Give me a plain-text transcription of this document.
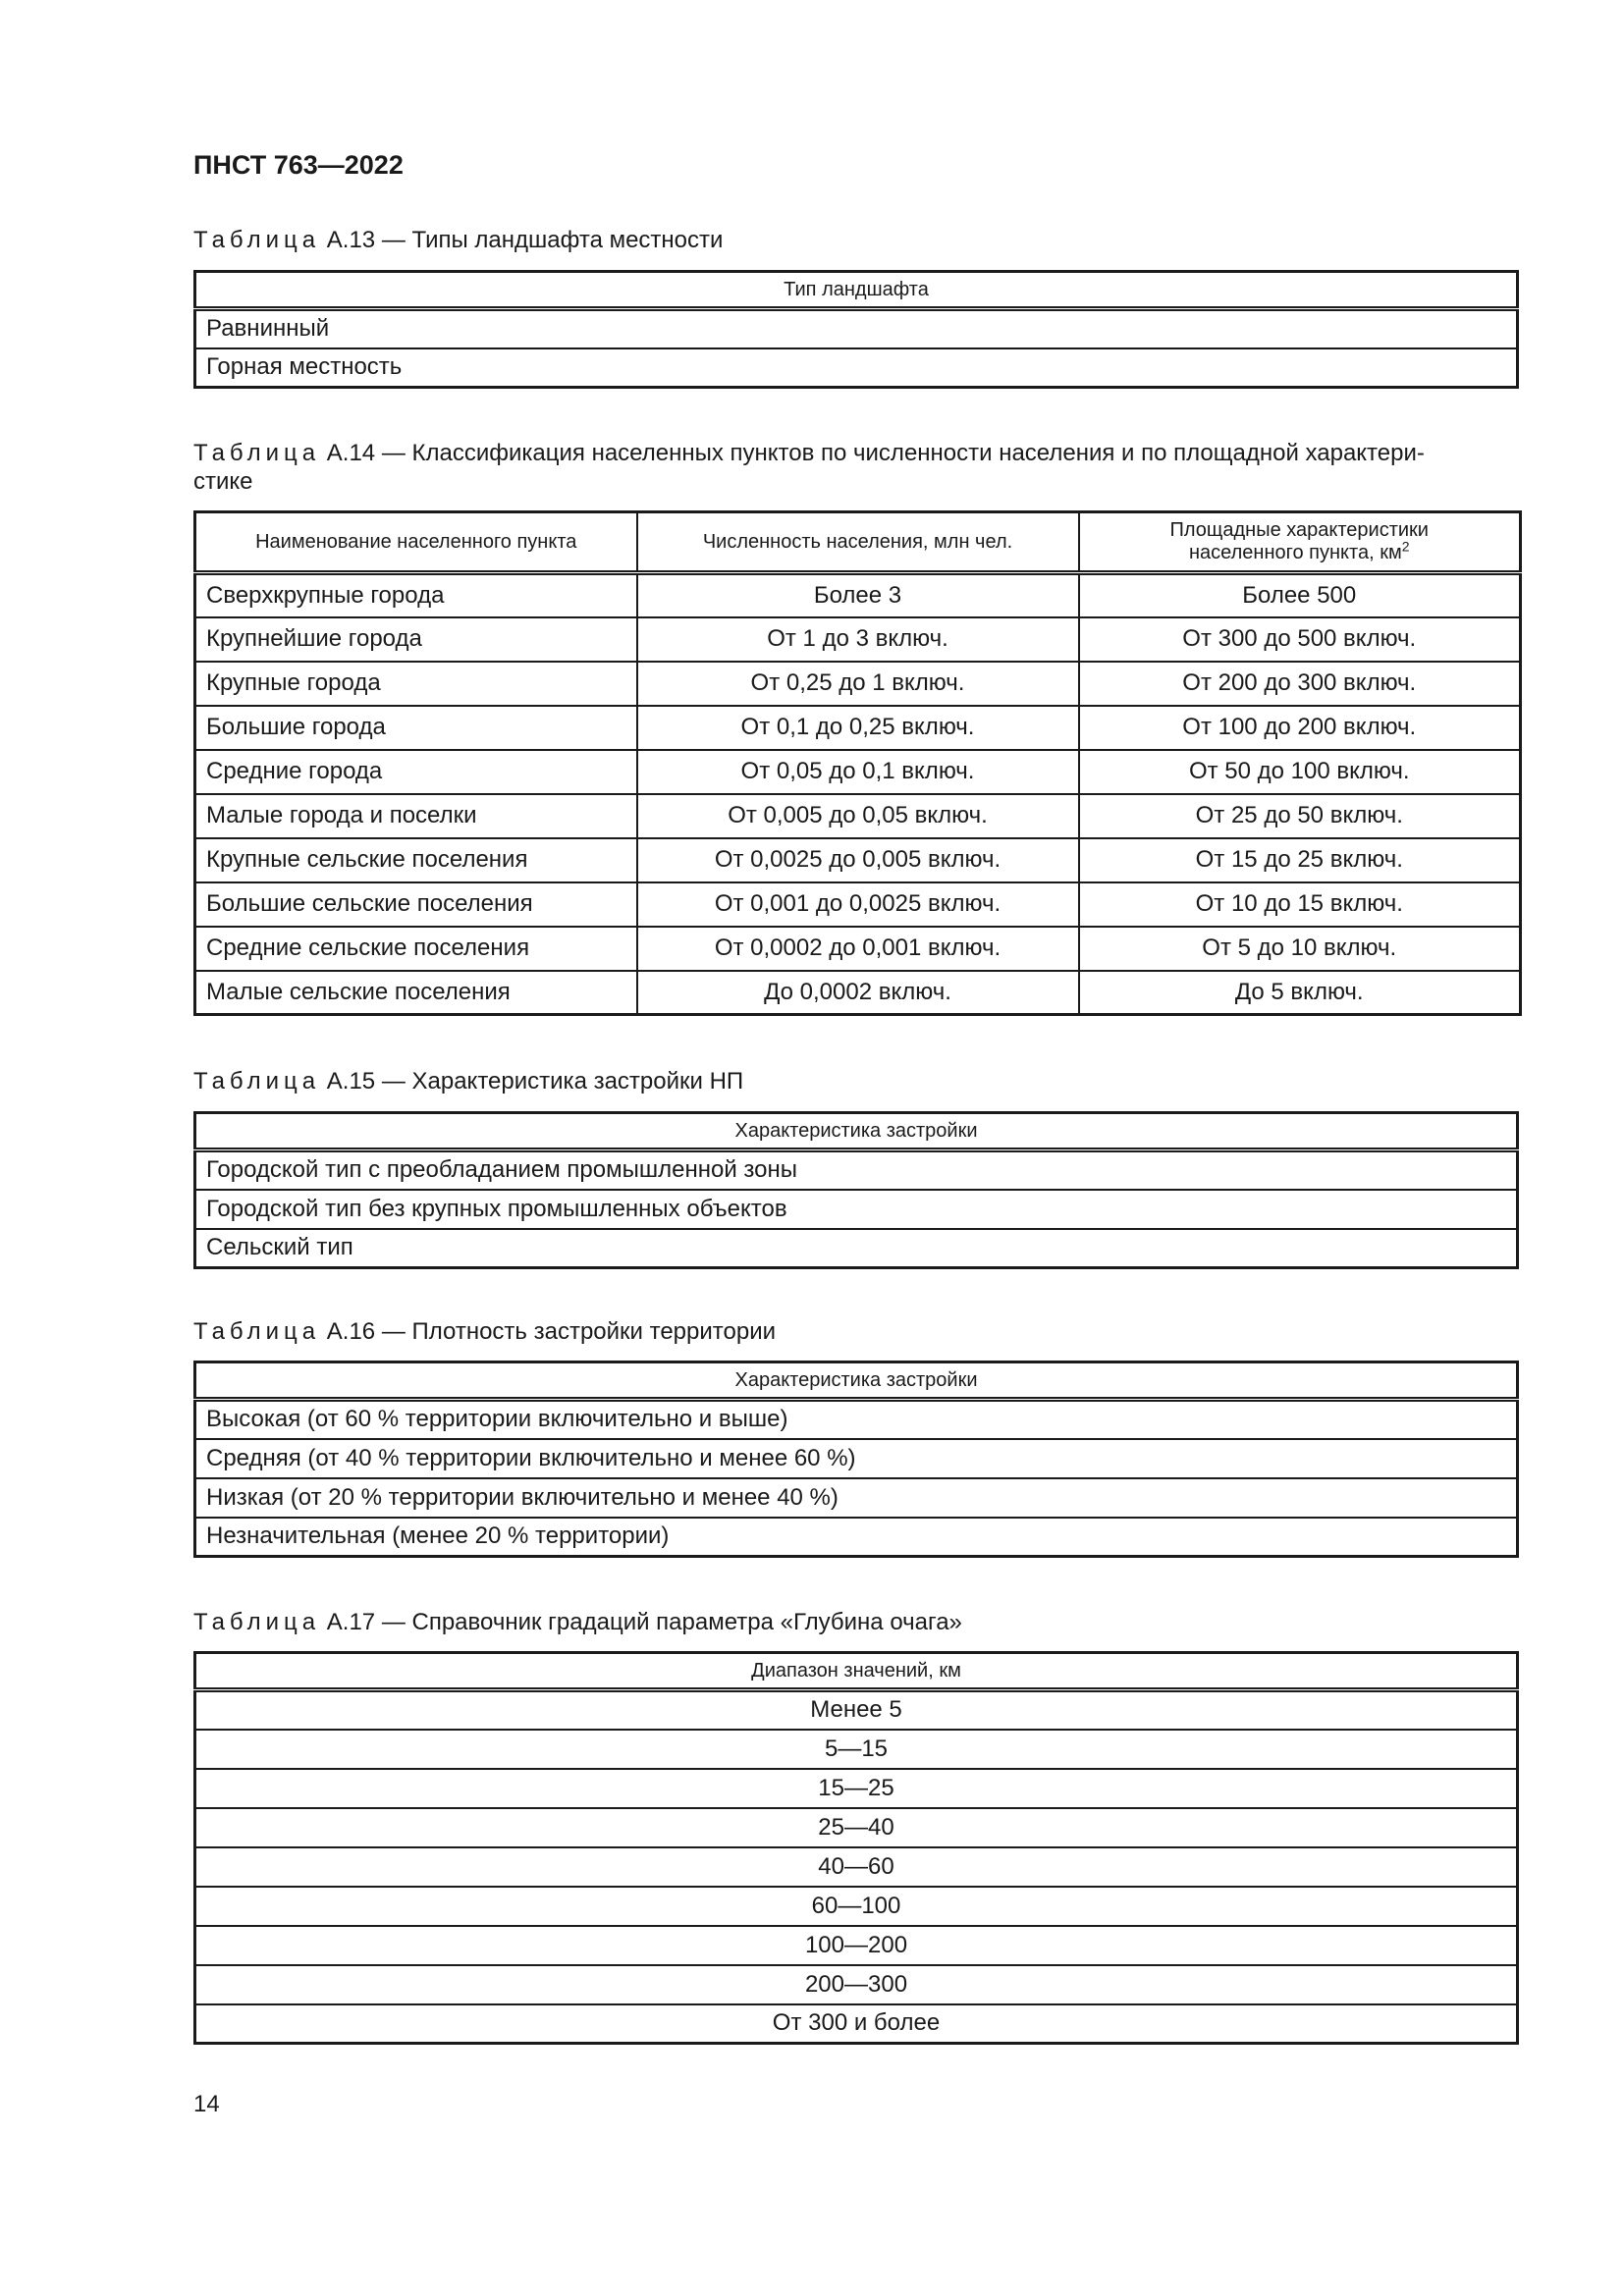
ПНСТ 763—2022

Таблица А.13 — Типы ландшафта местности

Тип ландшафта
Равнинный
Горная местность

Таблица А.14 — Классификация населенных пунктов по численности населения и по площадной характери-
стике

Наименование населенного пункта	Численность населения, млн чел.	Площадные характеристики
населенного пункта, $км^2$
Сверхкрупные города	Более 3	Более 500
Крупнейшие города	От 1 до 3 включ.	От 300 до 500 включ.
Крупные города	От 0,25 до 1 включ.	От 200 до 300 включ.
Большие города	От 0,1 до 0,25 включ.	От 100 до 200 включ.
Средние города	От 0,05 до 0,1 включ.	От 50 до 100 включ.
Малые города и поселки	От 0,005 до 0,05 включ.	От 25 до 50 включ.
Крупные сельские поселения	От 0,0025 до 0,005 включ.	От 15 до 25 включ.
Большие сельские поселения	От 0,001 до 0,0025 включ.	От 10 до 15 включ.
Средние сельские поселения	От 0,0002 до 0,001 включ.	От 5 до 10 включ.
Малые сельские поселения	До 0,0002 включ.	До 5 включ.

Таблица А.15 — Характеристика застройки НП

Характеристика застройки
Городской тип с преобладанием промышленной зоны
Городской тип без крупных промышленных объектов
Сельский тип

Таблица А.16 — Плотность застройки территории

Характеристика застройки
Высокая (от 60 % территории включительно и выше)
Средняя (от 40 % территории включительно и менее 60 %)
Низкая (от 20 % территории включительно и менее 40 %)
Незначительная (менее 20 % территории)

Таблица А.17 — Справочник градаций параметра «Глубина очага»

Диапазон значений, км
Менее 5
5—15
15—25
25—40
40—60
60—100
100—200
200—300
От 300 и более

14
